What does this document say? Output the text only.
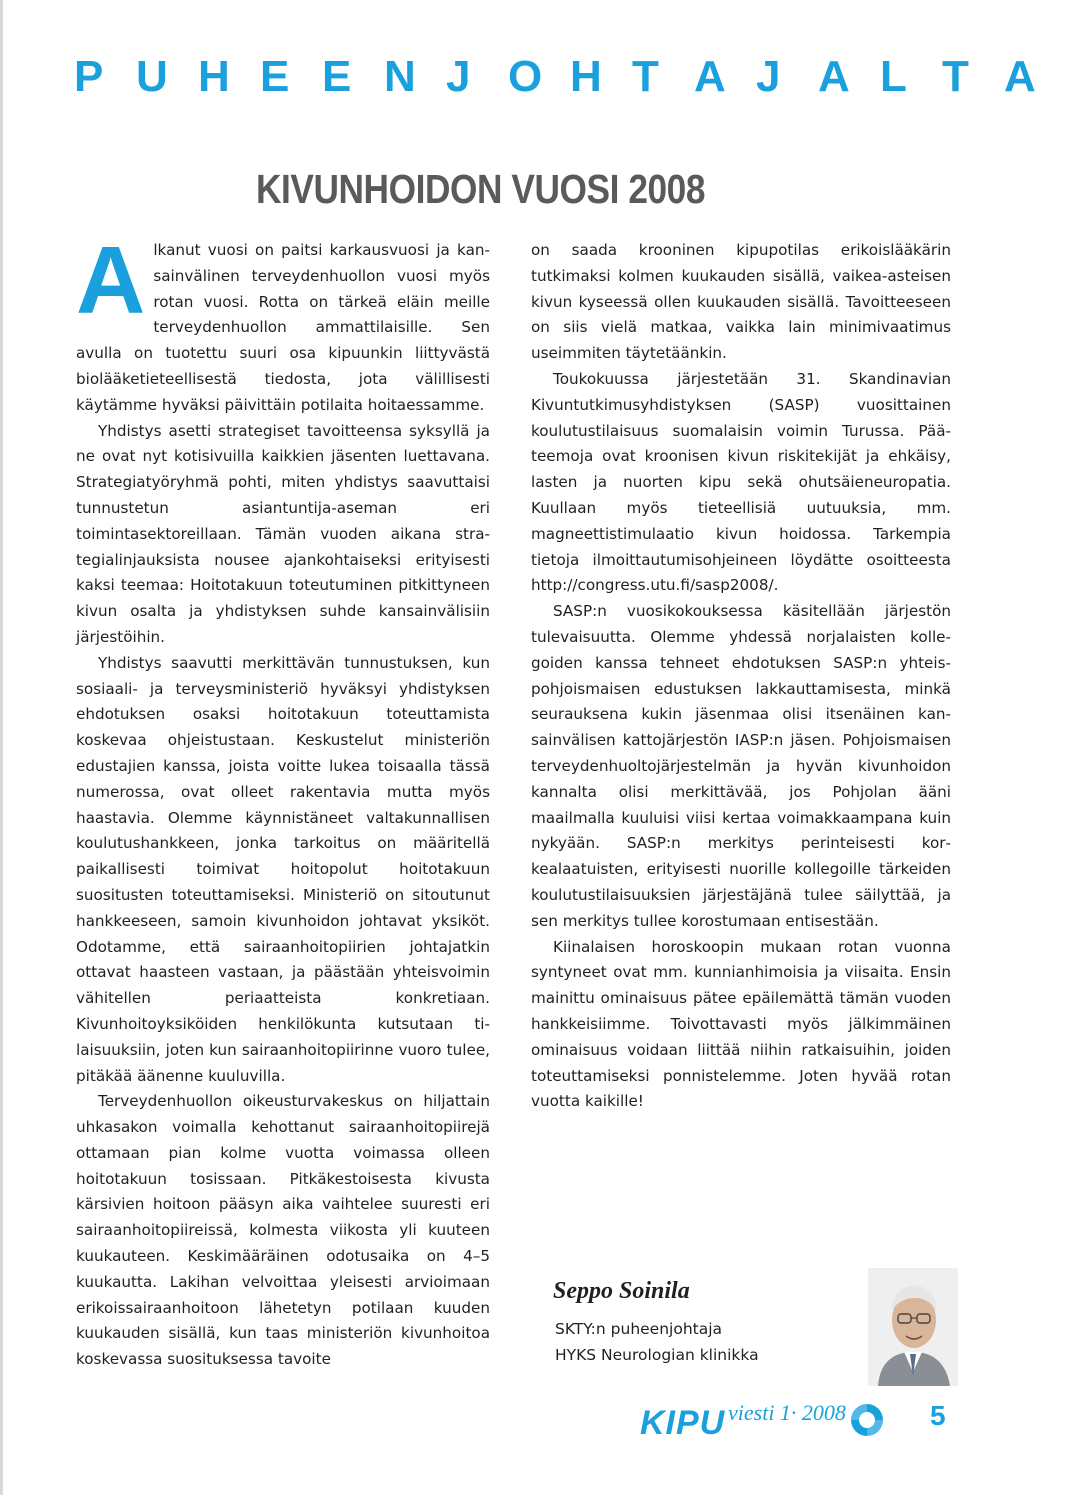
P U H E E N J O H T A J A L T A
KIVUNHOIDON VUOSI 2008

Alkanut vuosi on paitsi karkausvuosi ja kansainvälinen terveydenhuollon vuosi myös rotan vuosi. Rotta on tärkeä eläin meille terveydenhuollon ammattilaisille. Sen avulla on tuotettu suuri osa kipuunkin liittyvästä biolääketieteellisestä tiedosta, jota välillisesti käytämme hyväksi päivittäin potilaita hoitaessamme.

Yhdistys asetti strategiset tavoitteensa syksyllä ja ne ovat nyt kotisivuilla kaikkien jäsenten luettavana. Strategiatyöryhmä pohti, miten yhdistys saavuttaisi tunnustetun asiantuntija-aseman eri toimintasektoreillaan. Tämän vuoden aikana strategialinjauksista nousee ajankohtaiseksi erityisesti kaksi teemaa: Hoitotakuun toteutuminen pitkittyneen kivun osalta ja yhdistyksen suhde kansainvälisiin järjestöihin.

Yhdistys saavutti merkittävän tunnustuksen, kun sosiaali- ja terveysministeriö hyväksyi yhdistyksen ehdotuksen osaksi hoitotakuun toteuttamista koskevaa ohjeistustaan. Keskustelut ministeriön edustajien kanssa, joista voitte lukea toisaalla tässä numerossa, ovat olleet rakentavia mutta myös haastavia. Olemme käynnistäneet valtakunnallisen koulutushankkeen, jonka tarkoitus on määritellä paikallisesti toimivat hoitopolut hoitotakuun suositusten toteuttamiseksi. Ministeriö on sitoutunut hankkeeseen, samoin kivunhoidon johtavat yksiköt. Odotamme, että sairaanhoitopiirien johtajatkin ottavat haasteen vastaan, ja päästään yhteisvoimin vähitellen periaatteista konkretiaan. Kivunhoitoyksiköiden henkilökunta kutsutaan tilaisuuksiin, joten kun sairaanhoitopiirinne vuoro tulee, pitäkää äänenne kuuluvilla.

Terveydenhuollon oikeusturvakeskus on hiljattain uhkasakon voimalla kehottanut sairaanhoitopiirejä ottamaan pian kolme vuotta voimassa olleen hoitotakuun tosissaan. Pitkäkestoisesta kivusta kärsivien hoitoon pääsyn aika vaihtelee suuresti eri sairaanhoitopiireissä, kolmesta viikosta yli kuuteen kuukauteen. Keskimääräinen odotusaika on 4–5 kuukautta. Lakihan velvoittaa yleisesti arvioimaan erikoissairaanhoitoon lähetetyn potilaan kuuden kuukauden sisällä, kun taas ministeriön kivunhoitoa koskevassa suosituksessa tavoite

on saada krooninen kipupotilas erikoislääkärin tutkimaksi kolmen kuukauden sisällä, vaikea-asteisen kivun kyseessä ollen kuukauden sisällä. Tavoitteeseen on siis vielä matkaa, vaikka lain minimivaatimus useimmiten täytetäänkin.

Toukokuussa järjestetään 31. Skandinavian Kivuntutkimusyhdistyksen (SASP) vuosittainen koulutustilaisuus suomalaisin voimin Turussa. Pääteemoja ovat kroonisen kivun riskitekijät ja ehkäisy, lasten ja nuorten kipu sekä ohutsäieneuropatia. Kuullaan myös tieteellisiä uutuuksia, mm. magneettistimulaatio kivun hoidossa. Tarkempia tietoja ilmoittautumisohjeineen löydätte osoitteesta http://congress.utu.fi/sasp2008/.

SASP:n vuosikokouksessa käsitellään järjestön tulevaisuutta. Olemme yhdessä norjalaisten kollegoiden kanssa tehneet ehdotuksen SASP:n yhteispohjoismaisen edustuksen lakkauttamisesta, minkä seurauksena kukin jäsenmaa olisi itsenäinen kansainvälisen kattojärjestön IASP:n jäsen. Pohjoismaisen terveydenhuoltojärjestelmän ja hyvän kivunhoidon kannalta olisi merkittävää, jos Pohjolan ääni maailmalla kuuluisi viisi kertaa voimakkaampana kuin nykyään. SASP:n merkitys perinteisesti korkealaatuisten, erityisesti nuorille kollegoille tärkeiden koulutustilaisuuksien järjestäjänä tulee säilyttää, ja sen merkitys tullee korostumaan entisestään.

Kiinalaisen horoskoopin mukaan rotan vuonna syntyneet ovat mm. kunnianhimoisia ja viisaita. Ensin mainittu ominaisuus pätee epäilemättä tämän vuoden hankkeisiimme. Toivottavasti myös jälkimmäinen ominaisuus voidaan liittää niihin ratkaisuihin, joiden toteuttamiseksi ponnistelemme. Joten hyvää rotan vuotta kaikille!

Seppo Soinila
SKTY:n puheenjohtaja
HYKS Neurologian klinikka
KIPU viesti 1· 2008	5
